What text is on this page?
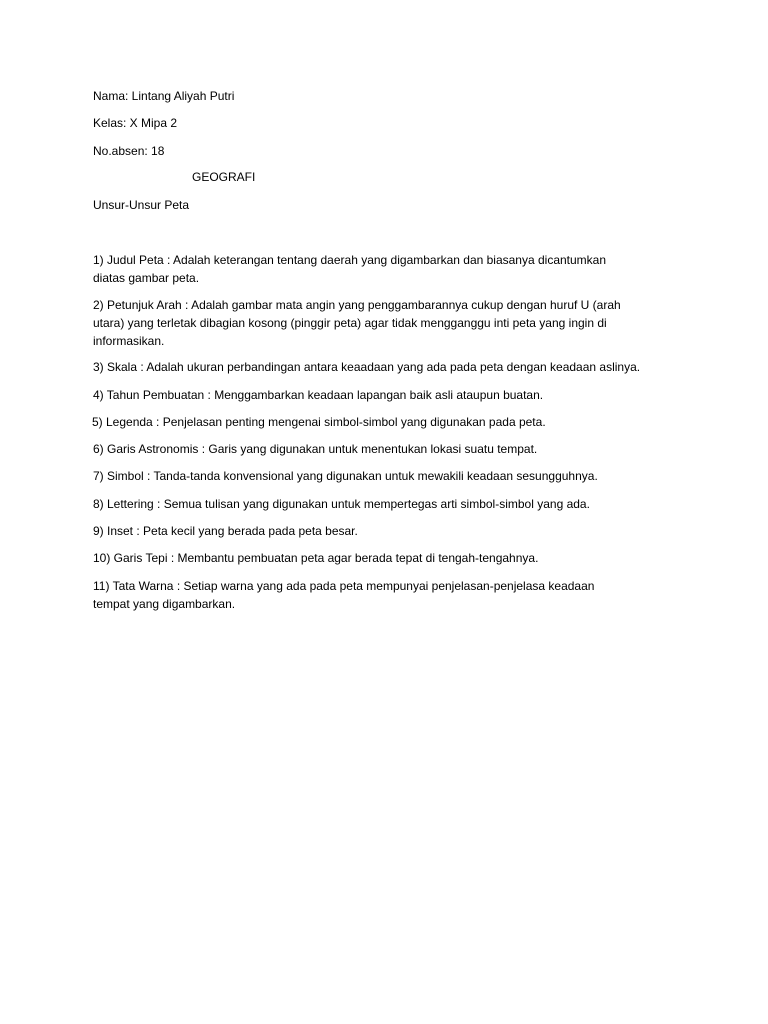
Nama: Lintang Aliyah Putri
Kelas: X Mipa 2
No.absen: 18
GEOGRAFI
Unsur-Unsur Peta

1) Judul Peta : Adalah keterangan tentang daerah yang digambarkan dan biasanya dicantumkan

diatas gambar peta.

2) Petunjuk Arah : Adalah gambar mata angin yang penggambarannya cukup dengan huruf U (arah

utara) yang terletak dibagian kosong (pinggir peta) agar tidak mengganggu inti peta yang ingin di

informasikan.

3) Skala : Adalah ukuran perbandingan antara keaadaan yang ada pada peta dengan keadaan aslinya.

4) Tahun Pembuatan : Menggambarkan keadaan lapangan baik asli ataupun buatan.

5) Legenda : Penjelasan penting mengenai simbol-simbol yang digunakan pada peta.

6) Garis Astronomis : Garis yang digunakan untuk menentukan lokasi suatu tempat.

7) Simbol : Tanda-tanda konvensional yang digunakan untuk mewakili keadaan sesungguhnya.

8) Lettering : Semua tulisan yang digunakan untuk mempertegas arti simbol-simbol yang ada.

9) Inset : Peta kecil yang berada pada peta besar.

10) Garis Tepi : Membantu pembuatan peta agar berada tepat di tengah-tengahnya.

11) Tata Warna : Setiap warna yang ada pada peta mempunyai penjelasan-penjelasa keadaan

tempat yang digambarkan.
